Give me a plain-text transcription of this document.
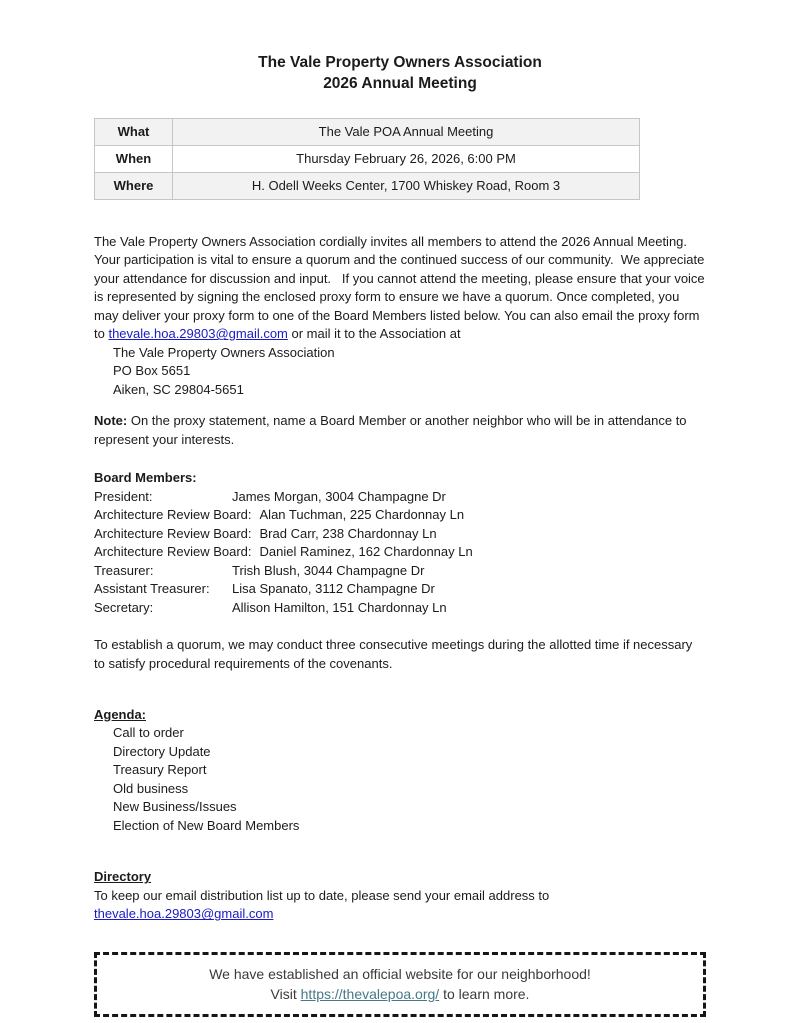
The Vale Property Owners Association
2026 Annual Meeting
What	The Vale POA Annual Meeting
When	Thursday February 26, 2026, 6:00 PM
Where	H. Odell Weeks Center, 1700 Whiskey Road, Room 3

The Vale Property Owners Association cordially invites all members to attend the 2026 Annual Meeting. Your participation is vital to ensure a quorum and the continued success of our community.  We appreciate your attendance for discussion and input.   If you cannot attend the meeting, please ensure that your voice is represented by signing the enclosed proxy form to ensure we have a quorum. Once completed, you may deliver your proxy form to one of the Board Members listed below. You can also email the proxy form to thevale.hoa.29803@gmail.com or mail it to the Association at

The Vale Property Owners Association
PO Box 5651
Aiken, SC 29804-5651

Note: On the proxy statement, name a Board Member or another neighbor who will be in attendance to represent your interests.

Board Members:
President:	James Morgan, 3004 Champagne Dr
Architecture Review Board: Alan Tuchman, 225 Chardonnay Ln
Architecture Review Board: Brad Carr, 238 Chardonnay Ln
Architecture Review Board: Daniel Raminez, 162 Chardonnay Ln
Treasurer:	Trish Blush, 3044 Champagne Dr
Assistant Treasurer: Lisa Spanato, 3112 Champagne Dr
Secretary:	Allison Hamilton, 151 Chardonnay Ln

To establish a quorum, we may conduct three consecutive meetings during the allotted time if necessary to satisfy procedural requirements of the covenants.

Agenda:
Call to order
Directory Update
Treasury Report
Old business
New Business/Issues
Election of New Board Members
Directory
To keep our email distribution list up to date, please send your email address to
thevale.hoa.29803@gmail.com
We have established an official website for our neighborhood!
Visit https://thevalepoa.org/ to learn more.
